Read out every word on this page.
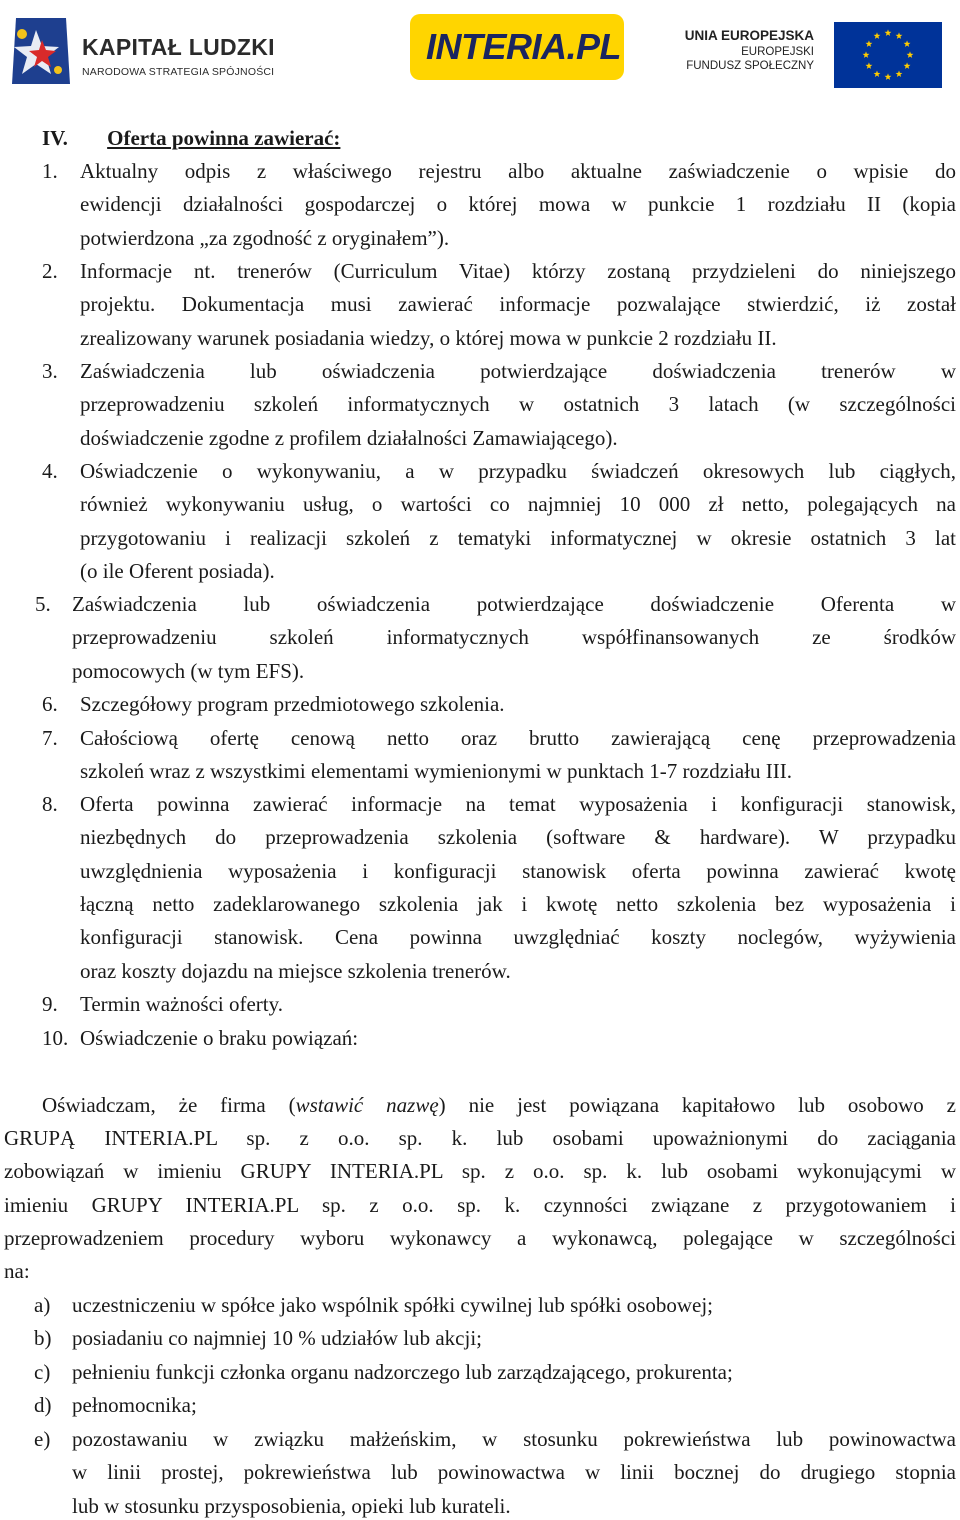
KAPITAŁ LUDZKI
NARODOWA STRATEGIA SPÓJNOŚCI
INTERIA.PL	UNIA EUROPEJSKA
EUROPEJSKI
FUNDUSZ SPOŁECZNY
IV. Oferta powinna zawierać:
1. Aktualny odpis z właściwego rejestru albo aktualne zaświadczenie o wpisie do
ewidencji działalności gospodarczej o której mowa w punkcie 1 rozdziału II (kopia
potwierdzona „za zgodność z oryginałem”).
2. Informacje nt. trenerów (Curriculum Vitae) którzy zostaną przydzieleni do niniejszego
projektu. Dokumentacja musi zawierać informacje pozwalające stwierdzić, iż został
zrealizowany warunek posiadania wiedzy, o której mowa w punkcie 2 rozdziału II.
3. Zaświadczenia lub oświadczenia potwierdzające doświadczenia trenerów w
przeprowadzeniu szkoleń informatycznych w ostatnich 3 latach (w szczególności
doświadczenie zgodne z profilem działalności Zamawiającego).
4. Oświadczenie o wykonywaniu, a w przypadku świadczeń okresowych lub ciągłych,
również wykonywaniu usług, o wartości co najmniej 10 000 zł netto, polegających na
przygotowaniu i realizacji szkoleń z tematyki informatycznej w okresie ostatnich 3 lat
(o ile Oferent posiada).
5. Zaświadczenia lub oświadczenia potwierdzające doświadczenie Oferenta w
przeprowadzeniu szkoleń informatycznych współfinansowanych ze środków
pomocowych (w tym EFS).
6. Szczegółowy program przedmiotowego szkolenia.
7. Całościową ofertę cenową netto oraz brutto zawierającą cenę przeprowadzenia
szkoleń wraz z wszystkimi elementami wymienionymi w punktach 1-7 rozdziału III.
8. Oferta powinna zawierać informacje na temat wyposażenia i konfiguracji stanowisk,
niezbędnych do przeprowadzenia szkolenia (software & hardware). W przypadku
uwzględnienia wyposażenia i konfiguracji stanowisk oferta powinna zawierać kwotę
łączną netto zadeklarowanego szkolenia jak i kwotę netto szkolenia bez wyposażenia i
konfiguracji stanowisk. Cena powinna uwzględniać koszty noclegów, wyżywienia
oraz koszty dojazdu na miejsce szkolenia trenerów.
9. Termin ważności oferty.
10. Oświadczenie o braku powiązań:
Oświadczam, że firma (wstawić nazwę) nie jest powiązana kapitałowo lub osobowo z
GRUPĄ INTERIA.PL sp. z o.o. sp. k. lub osobami upoważnionymi do zaciągania
zobowiązań w imieniu GRUPY INTERIA.PL sp. z o.o. sp. k. lub osobami wykonującymi w
imieniu GRUPY INTERIA.PL sp. z o.o. sp. k. czynności związane z przygotowaniem i
przeprowadzeniem procedury wyboru wykonawcy a wykonawcą, polegające w szczególności
na:
a) uczestniczeniu w spółce jako wspólnik spółki cywilnej lub spółki osobowej;
b) posiadaniu co najmniej 10 % udziałów lub akcji;
c) pełnieniu funkcji członka organu nadzorczego lub zarządzającego, prokurenta;
d) pełnomocnika;
e) pozostawaniu w związku małżeńskim, w stosunku pokrewieństwa lub powinowactwa
w linii prostej, pokrewieństwa lub powinowactwa w linii bocznej do drugiego stopnia
lub w stosunku przysposobienia, opieki lub kurateli.
